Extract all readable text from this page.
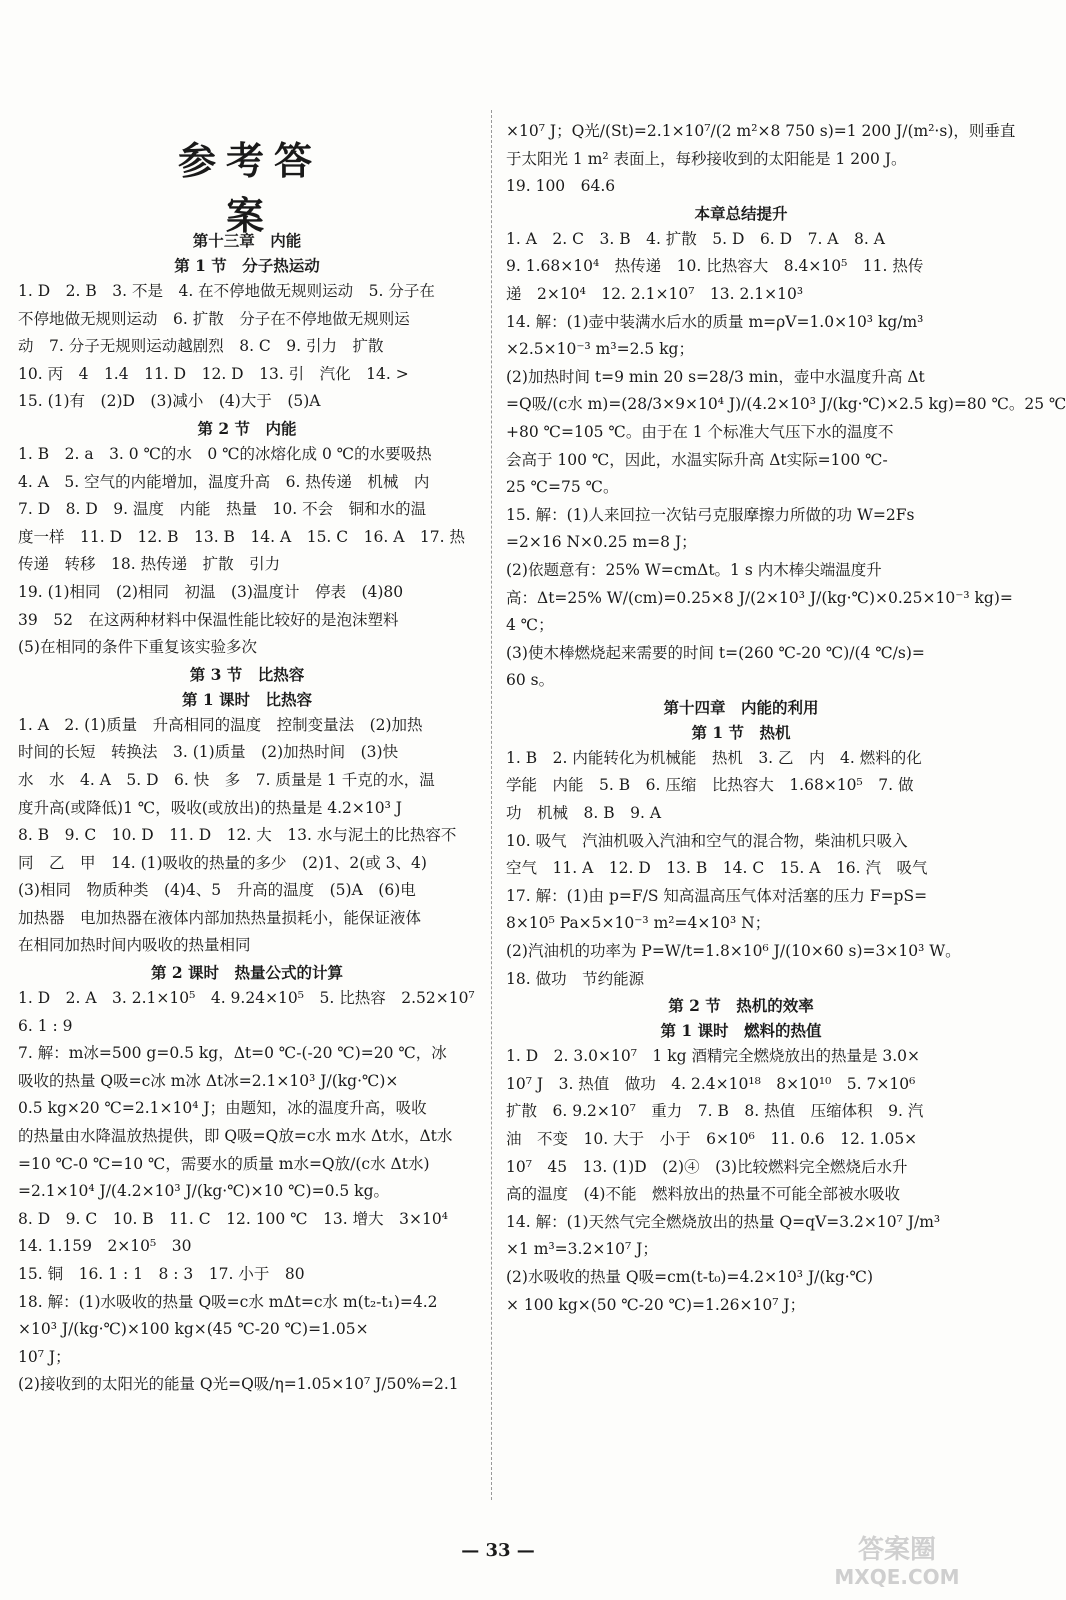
参考答案

第十三章　内能

第 1 节　分子热运动

1. D　2. B　3. 不是　4. 在不停地做无规则运动　5. 分子在

不停地做无规则运动　6. 扩散　分子在不停地做无规则运

动　7. 分子无规则运动越剧烈　8. C　9. 引力　扩散

10. 丙　4　1.4　11. D　12. D　13. 引　汽化　14. >

15. (1)有　(2)D　(3)减小　(4)大于　(5)A

第 2 节　内能

1. B　2. a　3. 0 ℃的水　0 ℃的冰熔化成 0 ℃的水要吸热

4. A　5. 空气的内能增加，温度升高　6. 热传递　机械　内

7. D　8. D　9. 温度　内能　热量　10. 不会　铜和水的温

度一样　11. D　12. B　13. B　14. A　15. C　16. A　17. 热

传递　转移　18. 热传递　扩散　引力

19. (1)相同　(2)相同　初温　(3)温度计　停表　(4)80

39　52　在这两种材料中保温性能比较好的是泡沫塑料

(5)在相同的条件下重复该实验多次

第 3 节　比热容

第 1 课时　比热容

1. A　2. (1)质量　升高相同的温度　控制变量法　(2)加热

时间的长短　转换法　3. (1)质量　(2)加热时间　(3)快

水　水　4. A　5. D　6. 快　多　7. 质量是 1 千克的水，温

度升高(或降低)1 ℃，吸收(或放出)的热量是 4.2×10³ J

8. B　9. C　10. D　11. D　12. 大　13. 水与泥土的比热容不

同　乙　甲　14. (1)吸收的热量的多少　(2)1、2(或 3、4)

(3)相同　物质种类　(4)4、5　升高的温度　(5)A　(6)电

加热器　电加热器在液体内部加热热量损耗小，能保证液体

在相同加热时间内吸收的热量相同

第 2 课时　热量公式的计算

1. D　2. A　3. 2.1×10⁵　4. 9.24×10⁵　5. 比热容　2.52×10⁷

6. 1 : 9

7. 解：m冰=500 g=0.5 kg，Δt=0 ℃-(-20 ℃)=20 ℃，冰

吸收的热量 Q吸=c冰 m冰 Δt冰=2.1×10³ J/(kg·℃)×

0.5 kg×20 ℃=2.1×10⁴ J；由题知，冰的温度升高，吸收

的热量由水降温放热提供，即 Q吸=Q放=c水 m水 Δt水，Δt水

=10 ℃-0 ℃=10 ℃，需要水的质量 m水=Q放/(c水 Δt水)

=2.1×10⁴ J/(4.2×10³ J/(kg·℃)×10 ℃)=0.5 kg。

8. D　9. C　10. B　11. C　12. 100 ℃　13. 增大　3×10⁴

14. 1.159　2×10⁵　30

15. 铜　16. 1 : 1　8 : 3　17. 小于　80

18. 解：(1)水吸收的热量 Q吸=c水 mΔt=c水 m(t₂-t₁)=4.2

×10³ J/(kg·℃)×100 kg×(45 ℃-20 ℃)=1.05×

10⁷ J；

(2)接收到的太阳光的能量 Q光=Q吸/η=1.05×10⁷ J/50%=2.1

×10⁷ J；Q光/(St)=2.1×10⁷/(2 m²×8 750 s)=1 200 J/(m²·s)，则垂直

于太阳光 1 m² 表面上，每秒接收到的太阳能是 1 200 J。

19. 100　64.6

本章总结提升

1. A　2. C　3. B　4. 扩散　5. D　6. D　7. A　8. A

9. 1.68×10⁴　热传递　10. 比热容大　8.4×10⁵　11. 热传

递　2×10⁴　12. 2.1×10⁷　13. 2.1×10³

14. 解：(1)壶中装满水后水的质量 m=ρV=1.0×10³ kg/m³

×2.5×10⁻³ m³=2.5 kg；

(2)加热时间 t=9 min 20 s=28/3 min，壶中水温度升高 Δt

=Q吸/(c水 m)=(28/3×9×10⁴ J)/(4.2×10³ J/(kg·℃)×2.5 kg)=80 ℃。25 ℃

+80 ℃=105 ℃。由于在 1 个标准大气压下水的温度不

会高于 100 ℃，因此，水温实际升高 Δt实际=100 ℃-

25 ℃=75 ℃。

15. 解：(1)人来回拉一次钻弓克服摩擦力所做的功 W=2Fs

=2×16 N×0.25 m=8 J；

(2)依题意有：25% W=cmΔt。1 s 内木棒尖端温度升

高：Δt=25% W/(cm)=0.25×8 J/(2×10³ J/(kg·℃)×0.25×10⁻³ kg)=

4 ℃；

(3)使木棒燃烧起来需要的时间 t=(260 ℃-20 ℃)/(4 ℃/s)=

60 s。

第十四章　内能的利用

第 1 节　热机

1. B　2. 内能转化为机械能　热机　3. 乙　内　4. 燃料的化

学能　内能　5. B　6. 压缩　比热容大　1.68×10⁵　7. 做

功　机械　8. B　9. A

10. 吸气　汽油机吸入汽油和空气的混合物，柴油机只吸入

空气　11. A　12. D　13. B　14. C　15. A　16. 汽　吸气

17. 解：(1)由 p=F/S 知高温高压气体对活塞的压力 F=pS=

8×10⁵ Pa×5×10⁻³ m²=4×10³ N；

(2)汽油机的功率为 P=W/t=1.8×10⁶ J/(10×60 s)=3×10³ W。

18. 做功　节约能源

第 2 节　热机的效率

第 1 课时　燃料的热值

1. D　2. 3.0×10⁷　1 kg 酒精完全燃烧放出的热量是 3.0×

10⁷ J　3. 热值　做功　4. 2.4×10¹⁸　8×10¹⁰　5. 7×10⁶

扩散　6. 9.2×10⁷　重力　7. B　8. 热值　压缩体积　9. 汽

油　不变　10. 大于　小于　6×10⁶　11. 0.6　12. 1.05×

10⁷　45　13. (1)D　(2)④　(3)比较燃料完全燃烧后水升

高的温度　(4)不能　燃料放出的热量不可能全部被水吸收

14. 解：(1)天然气完全燃烧放出的热量 Q=qV=3.2×10⁷ J/m³

×1 m³=3.2×10⁷ J；

(2)水吸收的热量 Q吸=cm(t-t₀)=4.2×10³ J/(kg·℃)

× 100 kg×(50 ℃-20 ℃)=1.26×10⁷ J；

— 33 —	答案圈
MXQE.COM
